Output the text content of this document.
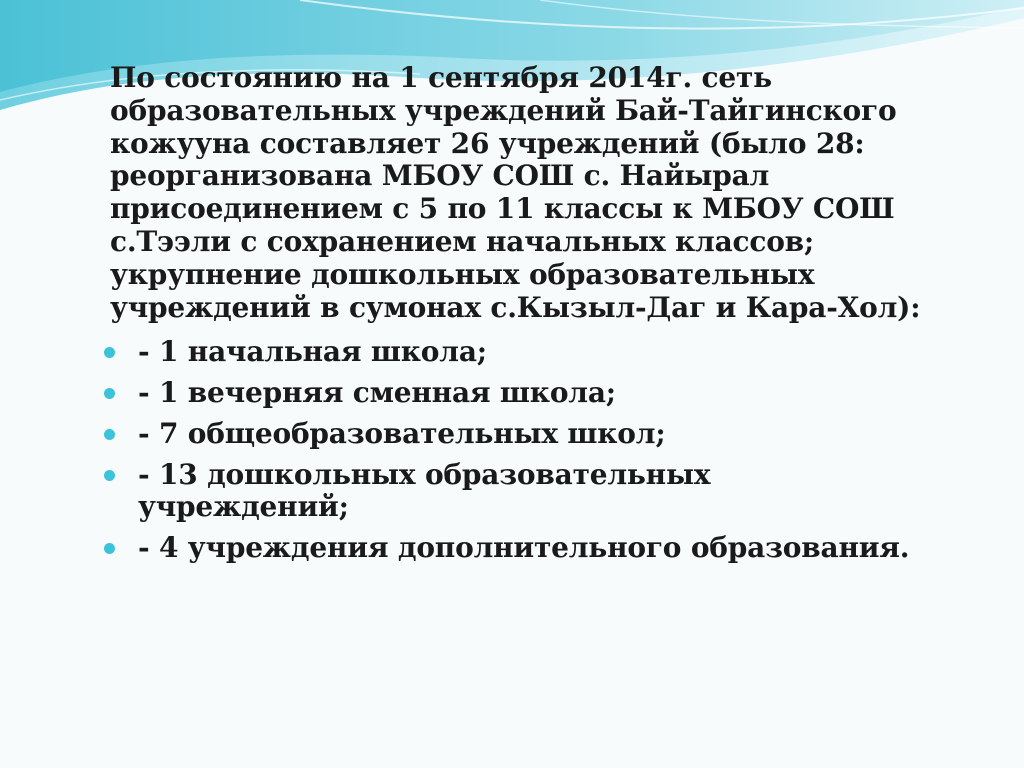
По состоянию на 1 сентября 2014г. сеть образовательных учреждений Бай-Тайгинского кожууна составляет 26 учреждений (было 28: реорганизована МБОУ СОШ с. Найырал присоединением с 5 по 11 классы к МБОУ СОШ с.Тээли с сохранением начальных классов; укрупнение дошкольных образовательных учреждений в сумонах с.Кызыл-Даг и Кара-Хол):

- 1 начальная школа;
- 1 вечерняя сменная школа;
- 7 общеобразовательных школ;
- 13 дошкольных образовательных учреждений;
- 4 учреждения дополнительного образования.
